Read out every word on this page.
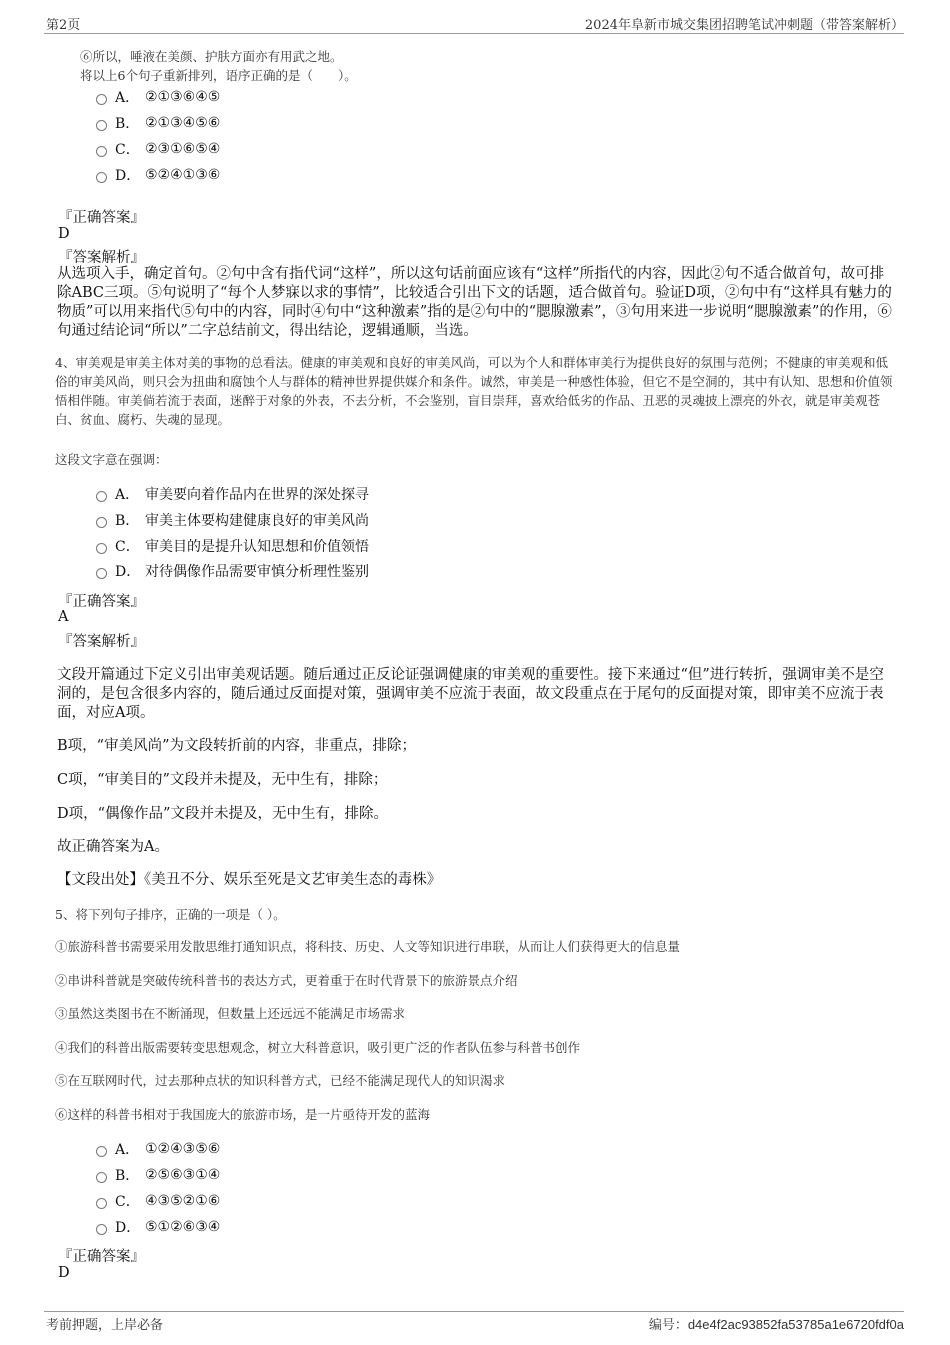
第2页	2024年阜新市城交集团招聘笔试冲刺题（带答案解析）
⑥所以，唾液在美颜、护肤方面亦有用武之地。
将以上6个句子重新排列，语序正确的是（　　）。
A． ②①③⑥④⑤
B． ②①③④⑤⑥
C． ②③①⑥⑤④
D． ⑤②④①③⑥
『正确答案』
D
『答案解析』
从选项入手，确定首句。②句中含有指代词“这样”，所以这句话前面应该有“这样”所指代的内容，因此②句不适合做首句，故可排除ABC三项。⑤句说明了“每个人梦寐以求的事情”，比较适合引出下文的话题，适合做首句。验证D项，②句中有“这样具有魅力的物质”可以用来指代⑤句中的内容，同时④句中“这种激素”指的是②句中的“腮腺激素”，③句用来进一步说明“腮腺激素”的作用，⑥句通过结论词“所以”二字总结前文，得出结论，逻辑通顺，当选。
4、审美观是审美主体对美的事物的总看法。健康的审美观和良好的审美风尚，可以为个人和群体审美行为提供良好的氛围与范例；不健康的审美观和低俗的审美风尚，则只会为扭曲和腐蚀个人与群体的精神世界提供媒介和条件。诚然，审美是一种感性体验，但它不是空洞的，其中有认知、思想和价值领悟相伴随。审美倘若流于表面，迷醉于对象的外表，不去分析，不会鉴别，盲目崇拜，喜欢给低劣的作品、丑恶的灵魂披上漂亮的外衣，就是审美观苍白、贫血、腐朽、失魂的显现。
这段文字意在强调：
A． 审美要向着作品内在世界的深处探寻
B． 审美主体要构建健康良好的审美风尚
C． 审美目的是提升认知思想和价值领悟
D． 对待偶像作品需要审慎分析理性鉴别
『正确答案』
A
『答案解析』
文段开篇通过下定义引出审美观话题。随后通过正反论证强调健康的审美观的重要性。接下来通过“但”进行转折，强调审美不是空洞的，是包含很多内容的，随后通过反面提对策，强调审美不应流于表面，故文段重点在于尾句的反面提对策，即审美不应流于表面，对应A项。
B项，“审美风尚”为文段转折前的内容，非重点，排除；
C项，“审美目的”文段并未提及，无中生有，排除；
D项，“偶像作品”文段并未提及，无中生有，排除。
故正确答案为A。
【文段出处】《美丑不分、娱乐至死是文艺审美生态的毒株》
5、将下列句子排序，正确的一项是（ ）。
①旅游科普书需要采用发散思维打通知识点，将科技、历史、人文等知识进行串联，从而让人们获得更大的信息量
②串讲科普就是突破传统科普书的表达方式，更着重于在时代背景下的旅游景点介绍
③虽然这类图书在不断涌现，但数量上还远远不能满足市场需求
④我们的科普出版需要转变思想观念，树立大科普意识，吸引更广泛的作者队伍参与科普书创作
⑤在互联网时代，过去那种点状的知识科普方式，已经不能满足现代人的知识渴求
⑥这样的科普书相对于我国庞大的旅游市场，是一片亟待开发的蓝海
A． ①②④③⑤⑥
B． ②⑤⑥③①④
C． ④③⑤②①⑥
D． ⑤①②⑥③④
『正确答案』
D
考前押题，上岸必备	编号：d4e4f2ac93852fa53785a1e6720fdf0a
